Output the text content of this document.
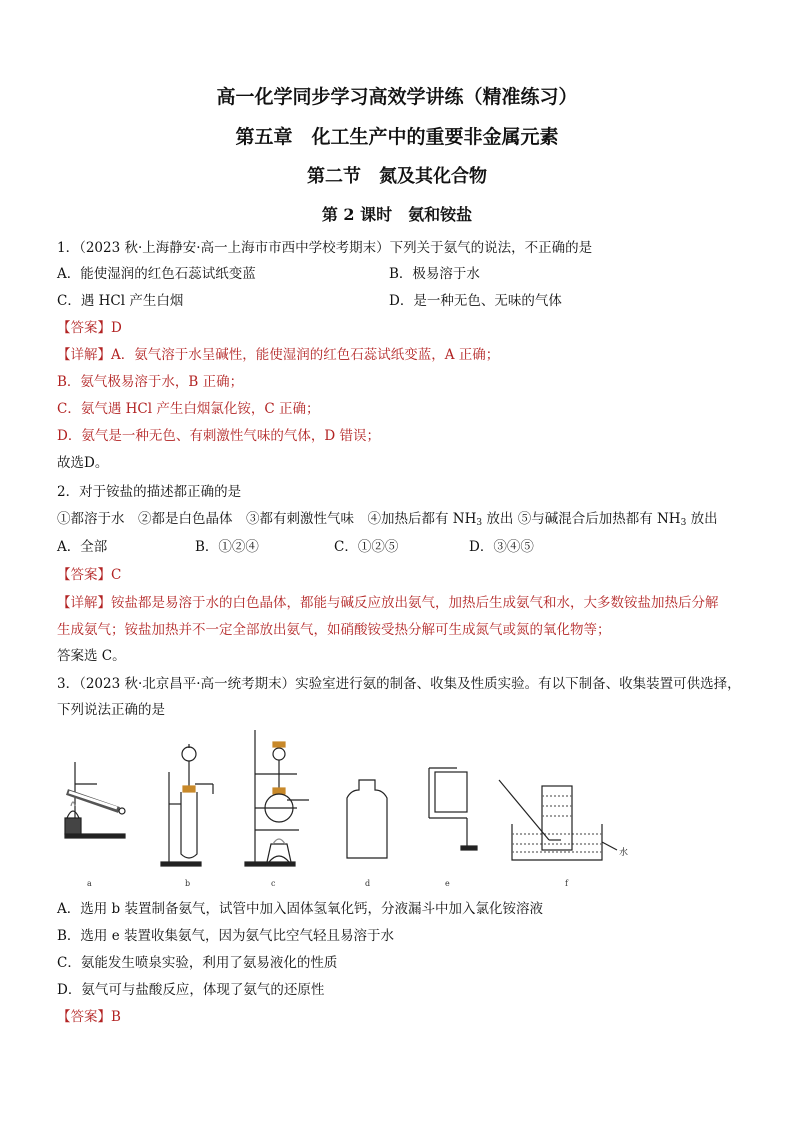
高一化学同步学习高效学讲练（精准练习）
第五章　化工生产中的重要非金属元素
第二节　氮及其化合物
第 2 课时　氨和铵盐
1．（2023 秋·上海静安·高一上海市市西中学校考期末）下列关于氨气的说法，不正确的是
A．能使湿润的红色石蕊试纸变蓝	B．极易溶于水
C．遇 HCl 产生白烟	D．是一种无色、无味的气体
【答案】D
【详解】A．氨气溶于水呈碱性，能使湿润的红色石蕊试纸变蓝，A 正确；
B．氨气极易溶于水，B 正确；
C．氨气遇 HCl 产生白烟氯化铵，C 正确；
D．氨气是一种无色、有刺激性气味的气体，D 错误；
故选D。
2．对于铵盐的描述都正确的是
①都溶于水　②都是白色晶体　③都有刺激性气味　④加热后都有 $NH_3$ 放出 ⑤与碱混合后加热都有 $NH_3$ 放出
A．全部	B．①②④	C．①②⑤	D．③④⑤
【答案】C
【详解】铵盐都是易溶于水的白色晶体，都能与碱反应放出氨气，加热后生成氨气和水，大多数铵盐加热后分解
生成氨气；铵盐加热并不一定全部放出氨气，如硝酸铵受热分解可生成氮气或氮的氧化物等；
答案选 C。
3．（2023 秋·北京昌平·高一统考期末）实验室进行氨的制备、收集及性质实验。有以下制备、收集装置可供选择，
下列说法正确的是
a	b	c	d	e	f
水
A．选用 b 装置制备氨气，试管中加入固体氢氧化钙，分液漏斗中加入氯化铵溶液
B．选用 e 装置收集氨气，因为氨气比空气轻且易溶于水
C．氨能发生喷泉实验，利用了氨易液化的性质
D．氨气可与盐酸反应，体现了氨气的还原性
【答案】B
